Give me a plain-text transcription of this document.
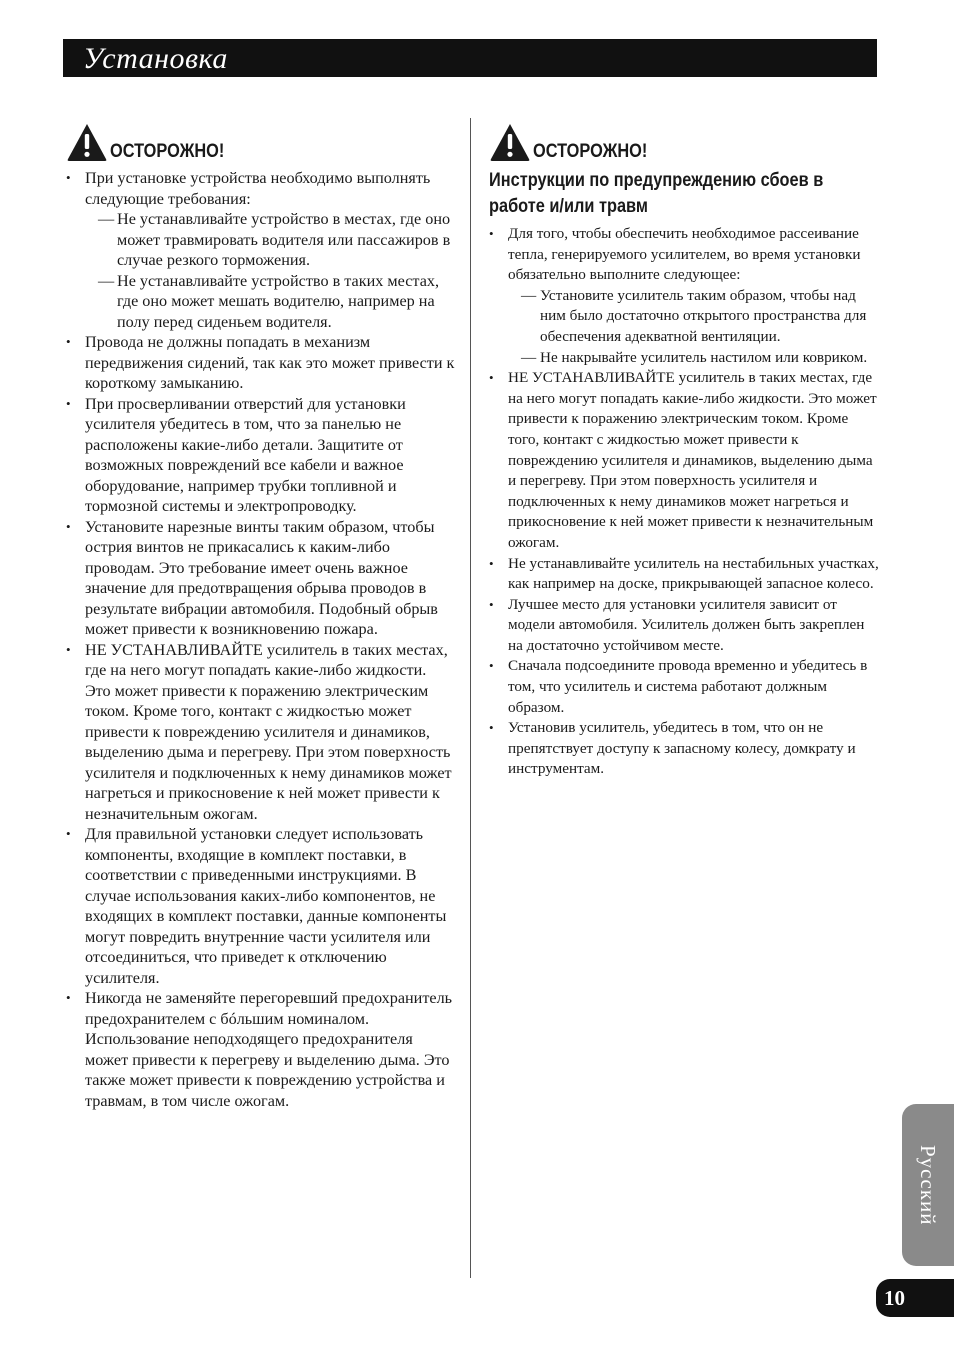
Установка
ОСТОРОЖНО!
• При установке устройства необходимо выполнять следующие требования:
— Не устанавливайте устройство в местах, где оно может травмировать водителя или пассажиров в случае резкого торможения.
— Не устанавливайте устройство в таких местах, где оно может мешать водителю, например на полу перед сиденьем водителя.
• Провода не должны попадать в механизм передвижения сидений, так как это может привести к короткому замыканию.
• При просверливании отверстий для установки усилителя убедитесь в том, что за панелью не расположены какие-либо детали. Защитите от возможных повреждений все кабели и важное оборудование, например трубки топливной и тормозной системы и электропроводку.
• Установите нарезные винты таким образом, чтобы острия винтов не прикасались к каким-либо проводам. Это требование имеет очень важное значение для предотвращения обрыва проводов в результате вибрации автомобиля. Подобный обрыв может привести к возникновению пожара.
• НЕ УСТАНАВЛИВАЙТЕ усилитель в таких местах, где на него могут попадать какие-либо жидкости. Это может привести к поражению электрическим током. Кроме того, контакт с жидкостью может привести к повреждению усилителя и динамиков, выделению дыма и перегреву. При этом поверхность усилителя и подключенных к нему динамиков может нагреться и прикосновение к ней может привести к незначительным ожогам.
• Для правильной установки следует использовать компоненты, входящие в комплект поставки, в соответствии с приведенными инструкциями. В случае использования каких-либо компонентов, не входящих в комплект поставки, данные компоненты могут повредить внутренние части усилителя или отсоединиться, что приведет к отключению усилителя.
• Никогда не заменяйте перегоревший предохранитель предохранителем с бóльшим номиналом. Использование неподходящего предохранителя может привести к перегреву и выделению дыма. Это также может привести к повреждению устройства и травмам, в том числе ожогам.
ОСТОРОЖНО!
Инструкции по предупреждению сбоев в работе и/или травм
• Для того, чтобы обеспечить необходимое рассеивание тепла, генерируемого усилителем, во время установки обязательно выполните следующее:
— Установите усилитель таким образом, чтобы над ним было достаточно открытого пространства для обеспечения адекватной вентиляции.
— Не накрывайте усилитель настилом или ковриком.
• НЕ УСТАНАВЛИВАЙТЕ усилитель в таких местах, где на него могут попадать какие-либо жидкости. Это может привести к поражению электрическим током. Кроме того, контакт с жидкостью может привести к повреждению усилителя и динамиков, выделению дыма и перегреву. При этом поверхность усилителя и подключенных к нему динамиков может нагреться и прикосновение к ней может привести к незначительным ожогам.
• Не устанавливайте усилитель на нестабильных участках, как например на доске, прикрывающей запасное колесо.
• Лучшее место для установки усилителя зависит от модели автомобиля. Усилитель должен быть закреплен на достаточно устойчивом месте.
• Сначала подсоедините провода временно и убедитесь в том, что усилитель и система работают должным образом.
• Установив усилитель, убедитесь в том, что он не препятствует доступу к запасному колесу, домкрату и инструментам.
Русский
10
